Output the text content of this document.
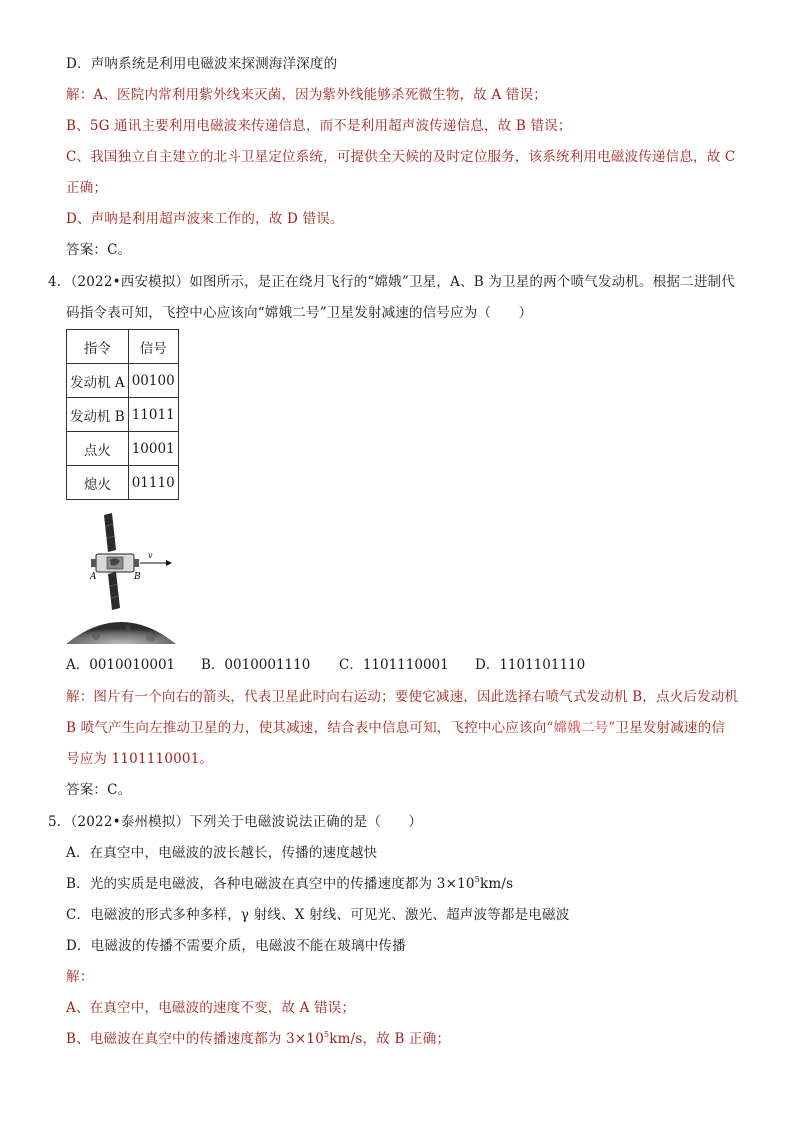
D．声呐系统是利用电磁波来探测海洋深度的
解：A、医院内常利用紫外线来灭菌，因为紫外线能够杀死微生物，故 A 错误；
B、5G 通讯主要利用电磁波来传递信息，而不是利用超声波传递信息，故 B 错误；
C、我国独立自主建立的北斗卫星定位系统，可提供全天候的及时定位服务，该系统利用电磁波传递信息，故 C
正确；
D、声呐是利用超声波来工作的，故 D 错误。
答案：C。
4．（2022•西安模拟）如图所示，是正在绕月飞行的“嫦娥”卫星，A、B 为卫星的两个喷气发动机。根据二进制代
码指令表可知，飞控中心应该向“嫦娥二号”卫星发射减速的信号应为（　　）
指令	信号
发动机 A	00100
发动机 B	11011
点火	10001
熄火	01110
v
A	B
A．0010010001 B．0010001110 C．1101110001 D．1101101110
解：图片有一个向右的箭头，代表卫星此时向右运动；要使它减速，因此选择右喷气式发动机 B，点火后发动机
B 喷气产生向左推动卫星的力，使其减速，结合表中信息可知，飞控中心应该向“嫦娥二号”卫星发射减速的信
号应为 1101110001。
答案：C。
5．（2022•泰州模拟）下列关于电磁波说法正确的是（　　）
A．在真空中，电磁波的波长越长，传播的速度越快
B．光的实质是电磁波，各种电磁波在真空中的传播速度都为 $3\times 10^5km/s$
C．电磁波的形式多种多样，γ 射线、X 射线、可见光、激光、超声波等都是电磁波
D．电磁波的传播不需要介质，电磁波不能在玻璃中传播
解：
A、在真空中，电磁波的速度不变，故 A 错误；
B、电磁波在真空中的传播速度都为 $3\times 10^5km/s$，故 B 正确；
